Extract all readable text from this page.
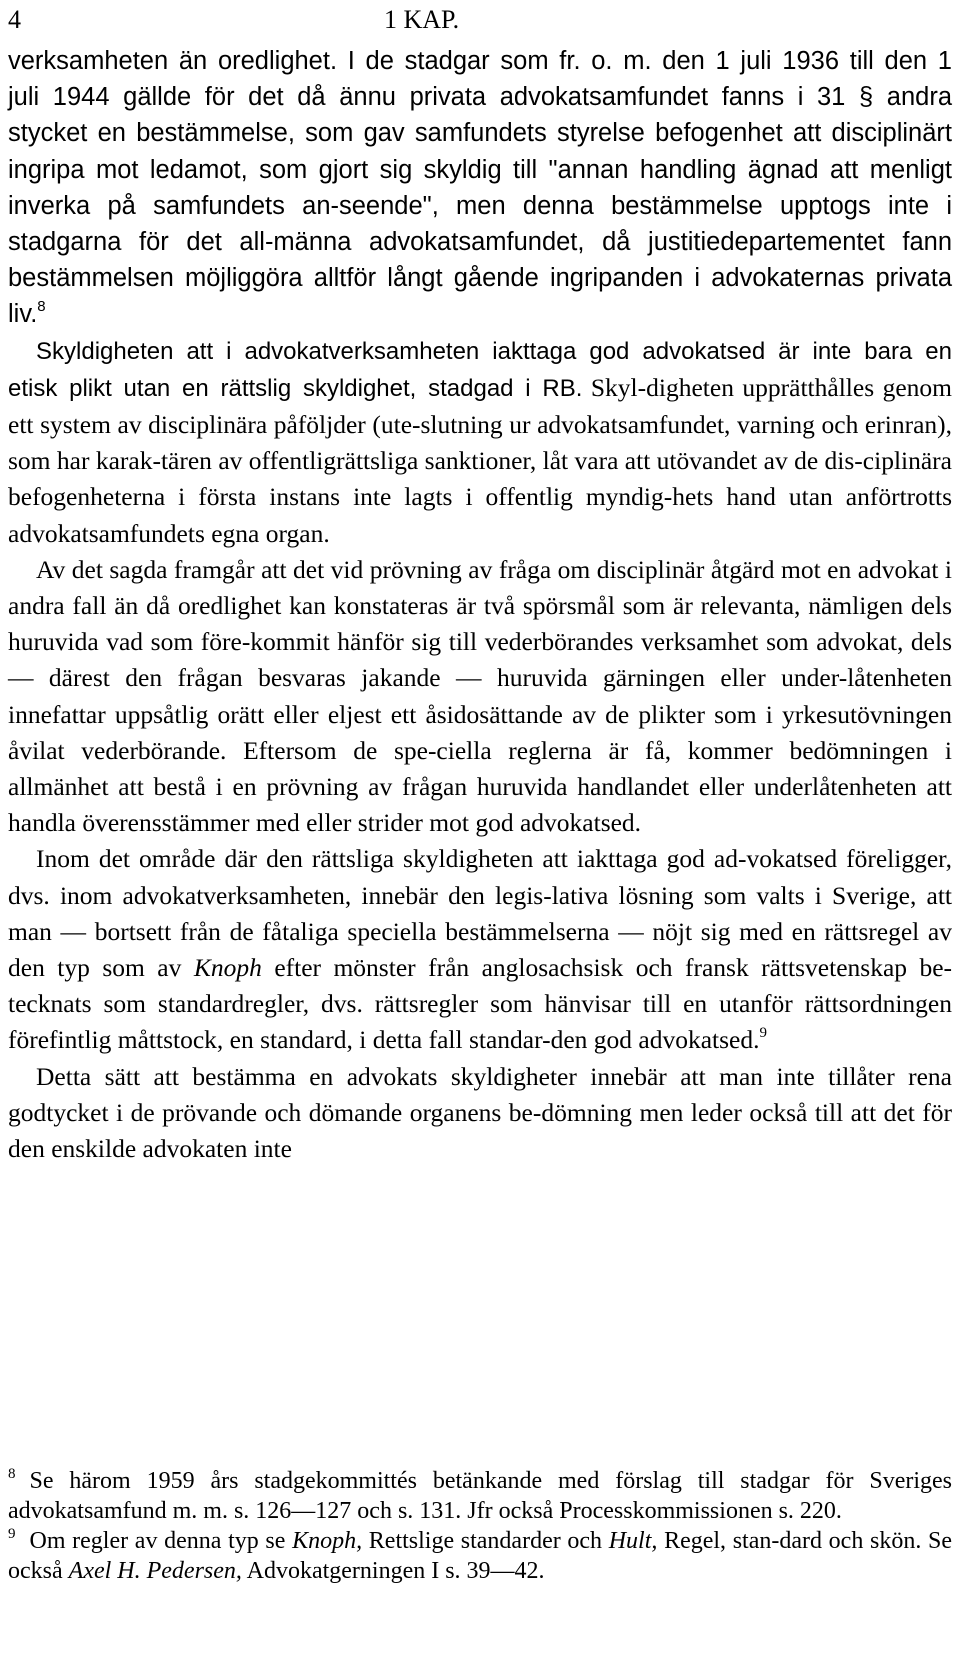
4	1 KAP.

verksamheten än oredlighet. I de stadgar som fr. o. m. den 1 juli 1936 till den 1 juli 1944 gällde för det då ännu privata advokatsamfundet fanns i 31 § andra stycket en bestämmelse, som gav samfundets styrelse befogenhet att disciplinärt ingripa mot ledamot, som gjort sig skyldig till "annan handling ägnad att menligt inverka på samfundets an-seende", men denna bestämmelse upptogs inte i stadgarna för det all-männa advokatsamfundet, då justitiedepartementet fann bestämmelsen möjliggöra alltför långt gående ingripanden i advokaternas privata liv.$^8$

Skyldigheten att i advokatverksamheten iakttaga god advokatsed är inte bara en etisk plikt utan en rättslig skyldighet, stadgad i RB. Skyl-digheten upprätthålles genom ett system av disciplinära påföljder (ute-slutning ur advokatsamfundet, varning och erinran), som har karak-tären av offentligrättsliga sanktioner, låt vara att utövandet av de dis-ciplinära befogenheterna i första instans inte lagts i offentlig myndig-hets hand utan anförtrotts advokatsamfundets egna organ.

Av det sagda framgår att det vid prövning av fråga om disciplinär åtgärd mot en advokat i andra fall än då oredlighet kan konstateras är två spörsmål som är relevanta, nämligen dels huruvida vad som före-kommit hänför sig till vederbörandes verksamhet som advokat, dels — därest den frågan besvaras jakande — huruvida gärningen eller under-låtenheten innefattar uppsåtlig orätt eller eljest ett åsidosättande av de plikter som i yrkesutövningen åvilat vederbörande. Eftersom de spe-ciella reglerna är få, kommer bedömningen i allmänhet att bestå i en prövning av frågan huruvida handlandet eller underlåtenheten att handla överensstämmer med eller strider mot god advokatsed.

Inom det område där den rättsliga skyldigheten att iakttaga god ad-vokatsed föreligger, dvs. inom advokatverksamheten, innebär den legis-lativa lösning som valts i Sverige, att man — bortsett från de fåtaliga speciella bestämmelserna — nöjt sig med en rättsregel av den typ som av Knoph efter mönster från anglosachsisk och fransk rättsvetenskap be-tecknats som standardregler, dvs. rättsregler som hänvisar till en utanför rättsordningen förefintlig måttstock, en standard, i detta fall standar-den god advokatsed.$^9$

Detta sätt att bestämma en advokats skyldigheter innebär att man inte tillåter rena godtycket i de prövande och dömande organens be-dömning men leder också till att det för den enskilde advokaten inte

$^8$ Se härom 1959 års stadgekommittés betänkande med förslag till stadgar för Sveriges advokatsamfund m. m. s. 126—127 och s. 131. Jfr också Processkommissionen s. 220.

$^9$ Om regler av denna typ se Knoph, Rettslige standarder och Hult, Regel, stan-dard och skön. Se också Axel H. Pedersen, Advokatgerningen I s. 39—42.
